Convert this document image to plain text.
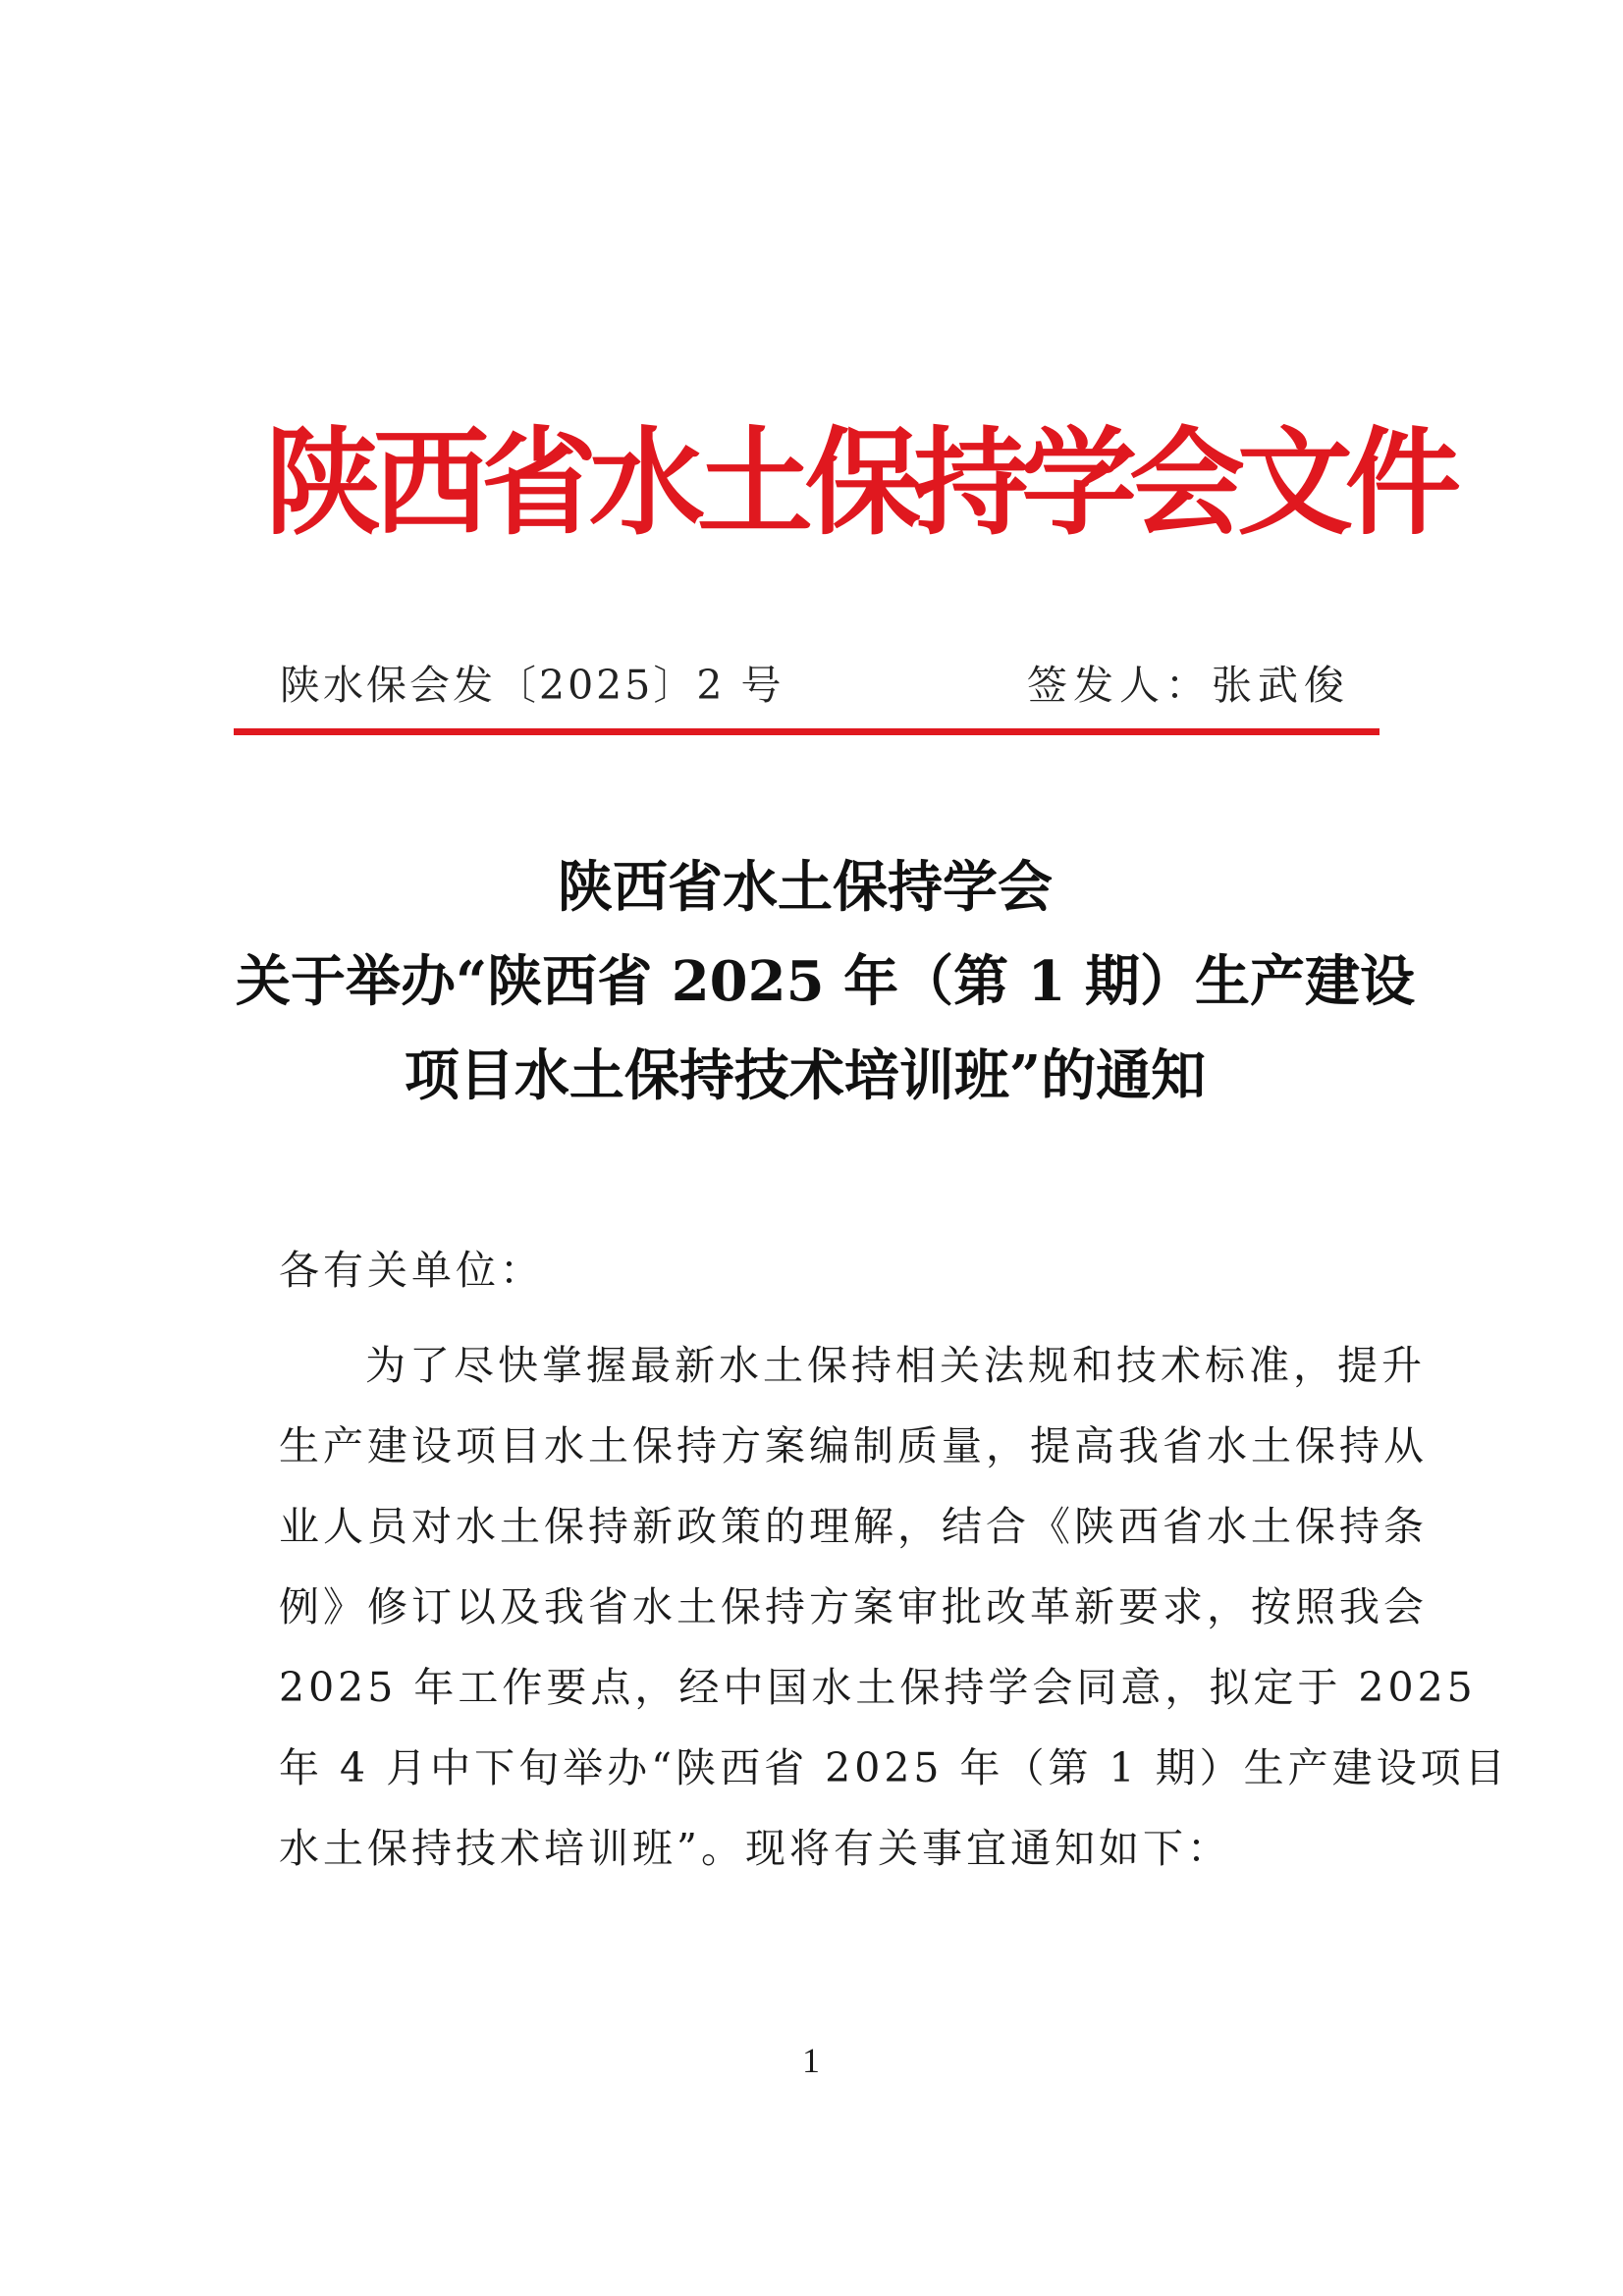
陕
西
省
水
土
保
持
学
会
文
件
陕水保会发〔2025〕2 号	签发人：张武俊
陕西省水土保持学会
关于举办“陕西省 2025 年（第 1 期）生产建设
项目水土保持技术培训班”的通知

各有关单位：

为了尽快掌握最新水土保持相关法规和技术标准，提升
生产建设项目水土保持方案编制质量，提高我省水土保持从
业人员对水土保持新政策的理解，结合《陕西省水土保持条
例》修订以及我省水土保持方案审批改革新要求，按照我会
2025 年工作要点，经中国水土保持学会同意，拟定于 2025
年 4 月中下旬举办“陕西省 2025 年（第 1 期）生产建设项目
水土保持技术培训班”。现将有关事宜通知如下：

1
